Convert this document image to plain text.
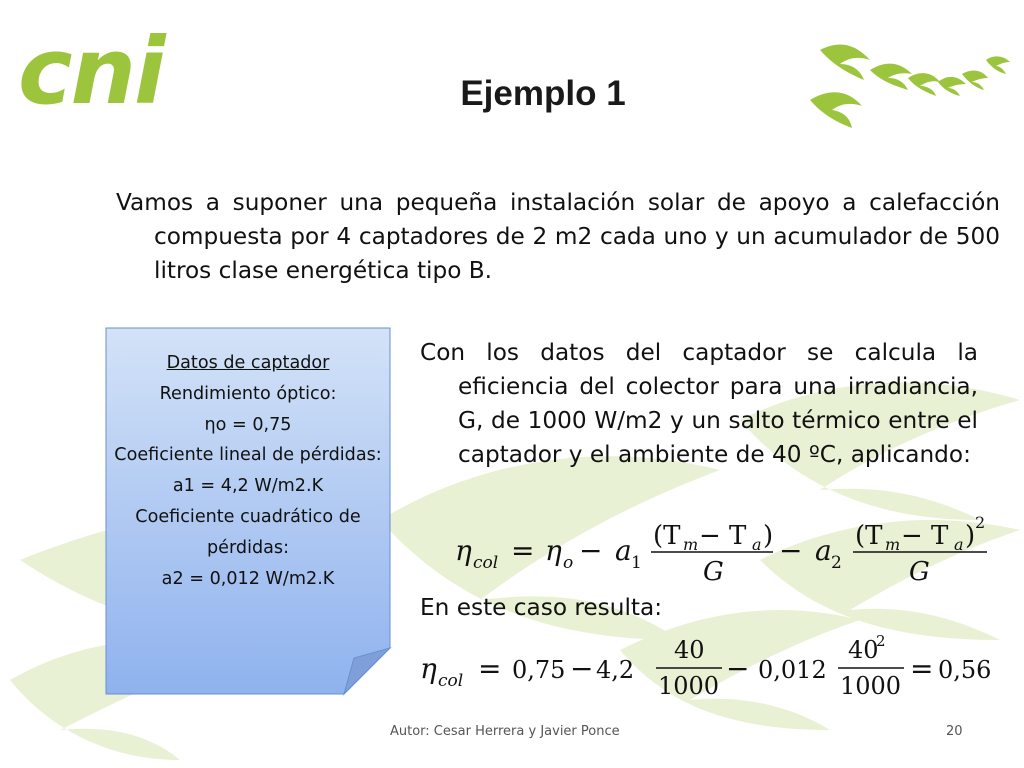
cni	Ejemplo 1
Vamos a suponer una pequeña instalación solar de apoyo a calefacción compuesta por 4 captadores de 2 m2 cada uno y un acumulador de 500 litros clase energética tipo B.
Datos de captador
Rendimiento óptico:
ηo = 0,75
Coeficiente lineal de pérdidas:
a1 = 4,2 W/m2.K
Coeficiente cuadrático de pérdidas:
a2 = 0,012 W/m2.K
Con los datos del captador se calcula la eficiencia del colector para una irradiancia, G, de 1000 W/m2 y un salto térmico entre el captador y el ambiente de 40 ºC, aplicando:
η col = η o − a 1
(T m − T a )
G
− a 2
(T m − T a ) 2
G
En este caso resulta:
η col = 0,75 − 4,2
40
1000
− 0,012
40
2
1000
= 0,56
Autor: Cesar Herrera y Javier Ponce	20
